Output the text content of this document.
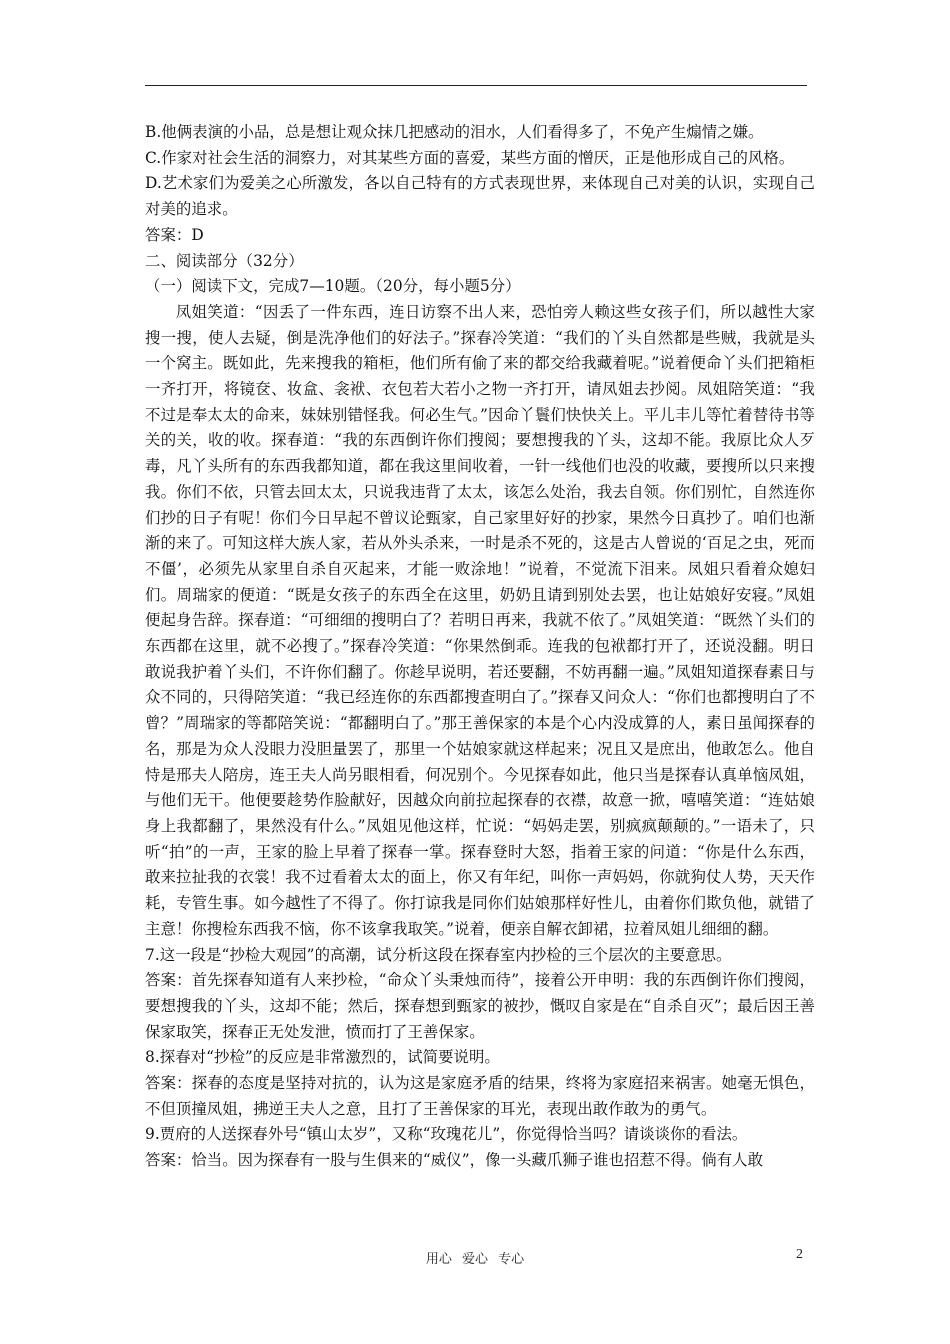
B.他俩表演的小品，总是想让观众抹几把感动的泪水，人们看得多了，不免产生煽情之嫌。

C.作家对社会生活的洞察力，对其某些方面的喜爱，某些方面的憎厌，正是他形成自己的风格。

D.艺术家们为爱美之心所激发，各以自己特有的方式表现世界，来体现自己对美的认识，实现自己对美的追求。

答案：D

二、阅读部分（32分）

（一）阅读下文，完成7—10题。（20分，每小题5分）

凤姐笑道：“因丢了一件东西，连日访察不出人来，恐怕旁人赖这些女孩子们，所以越性大家搜一搜，使人去疑，倒是洗净他们的好法子。”探春冷笑道：“我们的丫头自然都是些贼，我就是头一个窝主。既如此，先来搜我的箱柜，他们所有偷了来的都交给我藏着呢。”说着便命丫头们把箱柜一齐打开，将镜奁、妆盒、衾袱、衣包若大若小之物一齐打开，请凤姐去抄阅。凤姐陪笑道：“我不过是奉太太的命来，妹妹别错怪我。何必生气。”因命丫鬟们快快关上。平儿丰儿等忙着替待书等关的关，收的收。探春道：“我的东西倒许你们搜阅；要想搜我的丫头，这却不能。我原比众人歹毒，凡丫头所有的东西我都知道，都在我这里间收着，一针一线他们也没的收藏，要搜所以只来搜我。你们不依，只管去回太太，只说我违背了太太，该怎么处治，我去自领。你们别忙，自然连你们抄的日子有呢！你们今日早起不曾议论甄家，自己家里好好的抄家，果然今日真抄了。咱们也渐渐的来了。可知这样大族人家，若从外头杀来，一时是杀不死的，这是古人曾说的‘百足之虫，死而不僵’，必须先从家里自杀自灭起来，才能一败涂地！”说着，不觉流下泪来。凤姐只看着众媳妇们。周瑞家的便道：“既是女孩子的东西全在这里，奶奶且请到别处去罢，也让姑娘好安寝。”凤姐便起身告辞。探春道：“可细细的搜明白了？若明日再来，我就不依了。”凤姐笑道：“既然丫头们的东西都在这里，就不必搜了。”探春冷笑道：“你果然倒乖。连我的包袱都打开了，还说没翻。明日敢说我护着丫头们，不许你们翻了。你趁早说明，若还要翻，不妨再翻一遍。”凤姐知道探春素日与众不同的，只得陪笑道：“我已经连你的东西都搜查明白了。”探春又问众人：“你们也都搜明白了不曾？”周瑞家的等都陪笑说：“都翻明白了。”那王善保家的本是个心内没成算的人，素日虽闻探春的名，那是为众人没眼力没胆量罢了，那里一个姑娘家就这样起来；况且又是庶出，他敢怎么。他自恃是邢夫人陪房，连王夫人尚另眼相看，何况别个。今见探春如此，他只当是探春认真单恼凤姐，与他们无干。他便要趁势作脸献好，因越众向前拉起探春的衣襟，故意一掀，嘻嘻笑道：“连姑娘身上我都翻了，果然没有什么。”凤姐见他这样，忙说：“妈妈走罢，别疯疯颠颠的。”一语未了，只听“拍”的一声，王家的脸上早着了探春一掌。探春登时大怒，指着王家的问道：“你是什么东西，敢来拉扯我的衣裳！我不过看着太太的面上，你又有年纪，叫你一声妈妈，你就狗仗人势，天天作耗，专管生事。如今越性了不得了。你打谅我是同你们姑娘那样好性儿，由着你们欺负他，就错了主意！你搜检东西我不恼，你不该拿我取笑。”说着，便亲自解衣卸裙，拉着凤姐儿细细的翻。

7.这一段是“抄检大观园”的高潮，试分析这段在探春室内抄检的三个层次的主要意思。

答案：首先探春知道有人来抄检，“命众丫头秉烛而待”，接着公开申明：我的东西倒许你们搜阅，要想搜我的丫头，这却不能；然后，探春想到甄家的被抄，慨叹自家是在“自杀自灭”；最后因王善保家取笑，探春正无处发泄，愤而打了王善保家。

8.探春对“抄检”的反应是非常激烈的，试简要说明。

答案：探春的态度是坚持对抗的，认为这是家庭矛盾的结果，终将为家庭招来祸害。她毫无惧色，不但顶撞凤姐，拂逆王夫人之意，且打了王善保家的耳光，表现出敢作敢为的勇气。

9.贾府的人送探春外号“镇山太岁”，又称“玫瑰花儿”，你觉得恰当吗？请谈谈你的看法。

答案：恰当。因为探春有一股与生俱来的“威仪”，像一头藏爪狮子谁也招惹不得。倘有人敢

用心 爱心 专心	2
